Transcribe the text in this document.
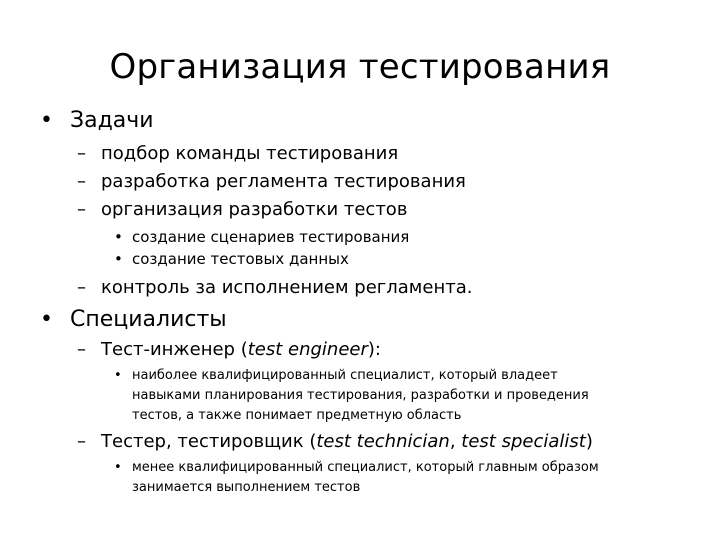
Организация тестирования
• Задачи
– подбор команды тестирования
– разработка регламента тестирования
– организация разработки тестов
• создание сценариев тестирования
• создание тестовых данных
– контроль за исполнением регламента.
• Специалисты
– Тест-инженер (test engineer):
• наиболее квалифицированный специалист, который владеет
навыками планирования тестирования, разработки и проведения
тестов, а также понимает предметную область
– Тестер, тестировщик (test technician, test specialist)
• менее квалифицированный специалист, который главным образом
занимается выполнением тестов
